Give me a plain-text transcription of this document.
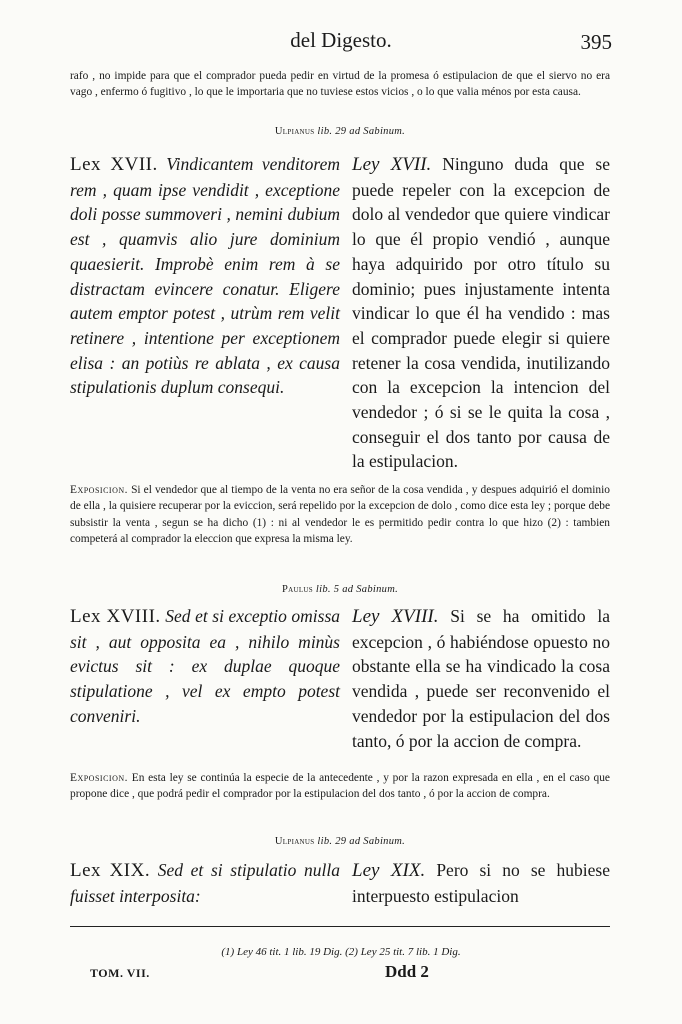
del Digesto.	395
rafo , no impide para que el comprador pueda pedir en virtud de la promesa ó estipulacion de que el siervo no era vago , enfermo ó fugitivo , lo que le importaria que no tuviese estos vicios , o lo que valia ménos por esta causa.
Ulpianus lib. 29 ad Sabinum.
Lex XVII. Vindicantem venditorem rem , quam ipse vendidit , exceptione doli posse summoveri , nemini dubium est , quamvis alio jure dominium quaesierit. Improbè enim rem à se distractam evincere conatur. Eligere autem emptor potest , utrùm rem velit retinere , intentione per exceptionem elisa : an potiùs re ablata , ex causa stipulationis duplum consequi.
Ley XVII. Ninguno duda que se puede repeler con la excepcion de dolo al vendedor que quiere vindicar lo que él propio vendió , aunque haya adquirido por otro título su dominio; pues injustamente intenta vindicar lo que él ha vendido : mas el comprador puede elegir si quiere retener la cosa vendida, inutilizando con la excepcion la intencion del vendedor ; ó si se le quita la cosa , conseguir el dos tanto por causa de la estipulacion.
Exposicion. Si el vendedor que al tiempo de la venta no era señor de la cosa vendida , y despues adquirió el dominio de ella , la quisiere recuperar por la eviccion, será repelido por la excepcion de dolo , como dice esta ley ; porque debe subsistir la venta , segun se ha dicho (1) : ni al vendedor le es permitido pedir contra lo que hizo (2) : tambien competerá al comprador la eleccion que expresa la misma ley.
Paulus lib. 5 ad Sabinum.
Lex XVIII. Sed et si exceptio omissa sit , aut opposita ea , nihilo minùs evictus sit : ex duplae quoque stipulatione , vel ex empto potest conveniri.
Ley XVIII. Si se ha omitido la excepcion , ó habiéndose opuesto no obstante ella se ha vindicado la cosa vendida , puede ser reconvenido el vendedor por la estipulacion del dos tanto, ó por la accion de compra.
Exposicion. En esta ley se continúa la especie de la antecedente , y por la razon expresada en ella , en el caso que propone dice , que podrá pedir el comprador por la estipulacion del dos tanto , ó por la accion de compra.
Ulpianus lib. 29 ad Sabinum.
Lex XIX. Sed et si stipulatio nulla fuisset interposita:
Ley XIX. Pero si no se hubiese interpuesto estipulacion
(1) Ley 46 tit. 1 lib. 19 Dig. (2) Ley 25 tit. 7 lib. 1 Dig.
TOM. VII.	Ddd 2
